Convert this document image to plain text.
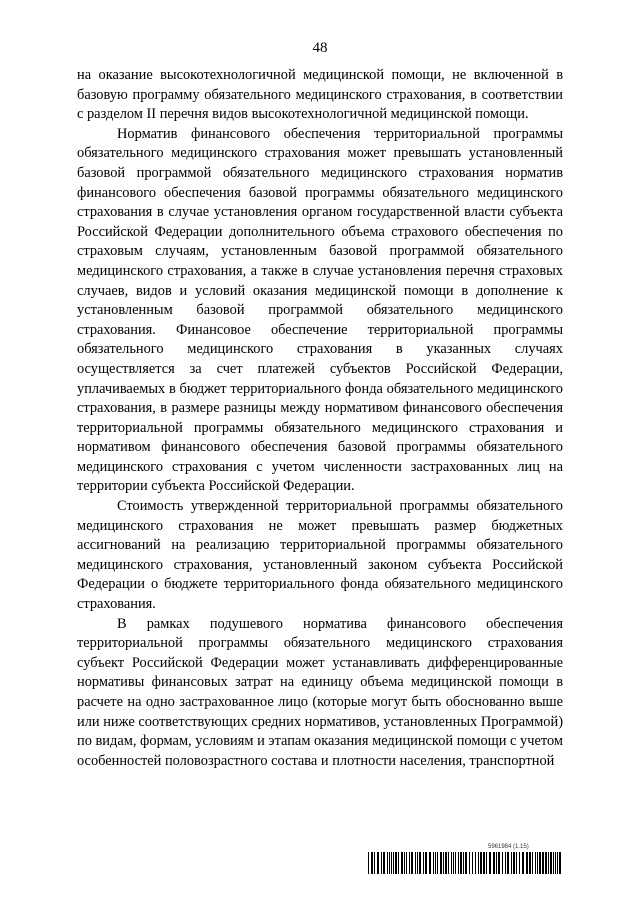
48

на оказание высокотехнологичной медицинской помощи, не включенной в базовую программу обязательного медицинского страхования, в соответствии с разделом II перечня видов высокотехнологичной медицинской помощи.

Норматив финансового обеспечения территориальной программы обязательного медицинского страхования может превышать установленный базовой программой обязательного медицинского страхования норматив финансового обеспечения базовой программы обязательного медицинского страхования в случае установления органом государственной власти субъекта Российской Федерации дополнительного объема страхового обеспечения по страховым случаям, установленным базовой программой обязательного медицинского страхования, а также в случае установления перечня страховых случаев, видов и условий оказания медицинской помощи в дополнение к установленным базовой программой обязательного медицинского страхования. Финансовое обеспечение территориальной программы обязательного медицинского страхования в указанных случаях осуществляется за счет платежей субъектов Российской Федерации, уплачиваемых в бюджет территориального фонда обязательного медицинского страхования, в размере разницы между нормативом финансового обеспечения территориальной программы обязательного медицинского страхования и нормативом финансового обеспечения базовой программы обязательного медицинского страхования с учетом численности застрахованных лиц на территории субъекта Российской Федерации.

Стоимость утвержденной территориальной программы обязательного медицинского страхования не может превышать размер бюджетных ассигнований на реализацию территориальной программы обязательного медицинского страхования, установленный законом субъекта Российской Федерации о бюджете территориального фонда обязательного медицинского страхования.

В рамках подушевого норматива финансового обеспечения территориальной программы обязательного медицинского страхования субъект Российской Федерации может устанавливать дифференцированные нормативы финансовых затрат на единицу объема медицинской помощи в расчете на одно застрахованное лицо (которые могут быть обоснованно выше или ниже соответствующих средних нормативов, установленных Программой) по видам, формам, условиям и этапам оказания медицинской помощи с учетом особенностей половозрастного состава и плотности населения, транспортной

5961984 (1.15)
